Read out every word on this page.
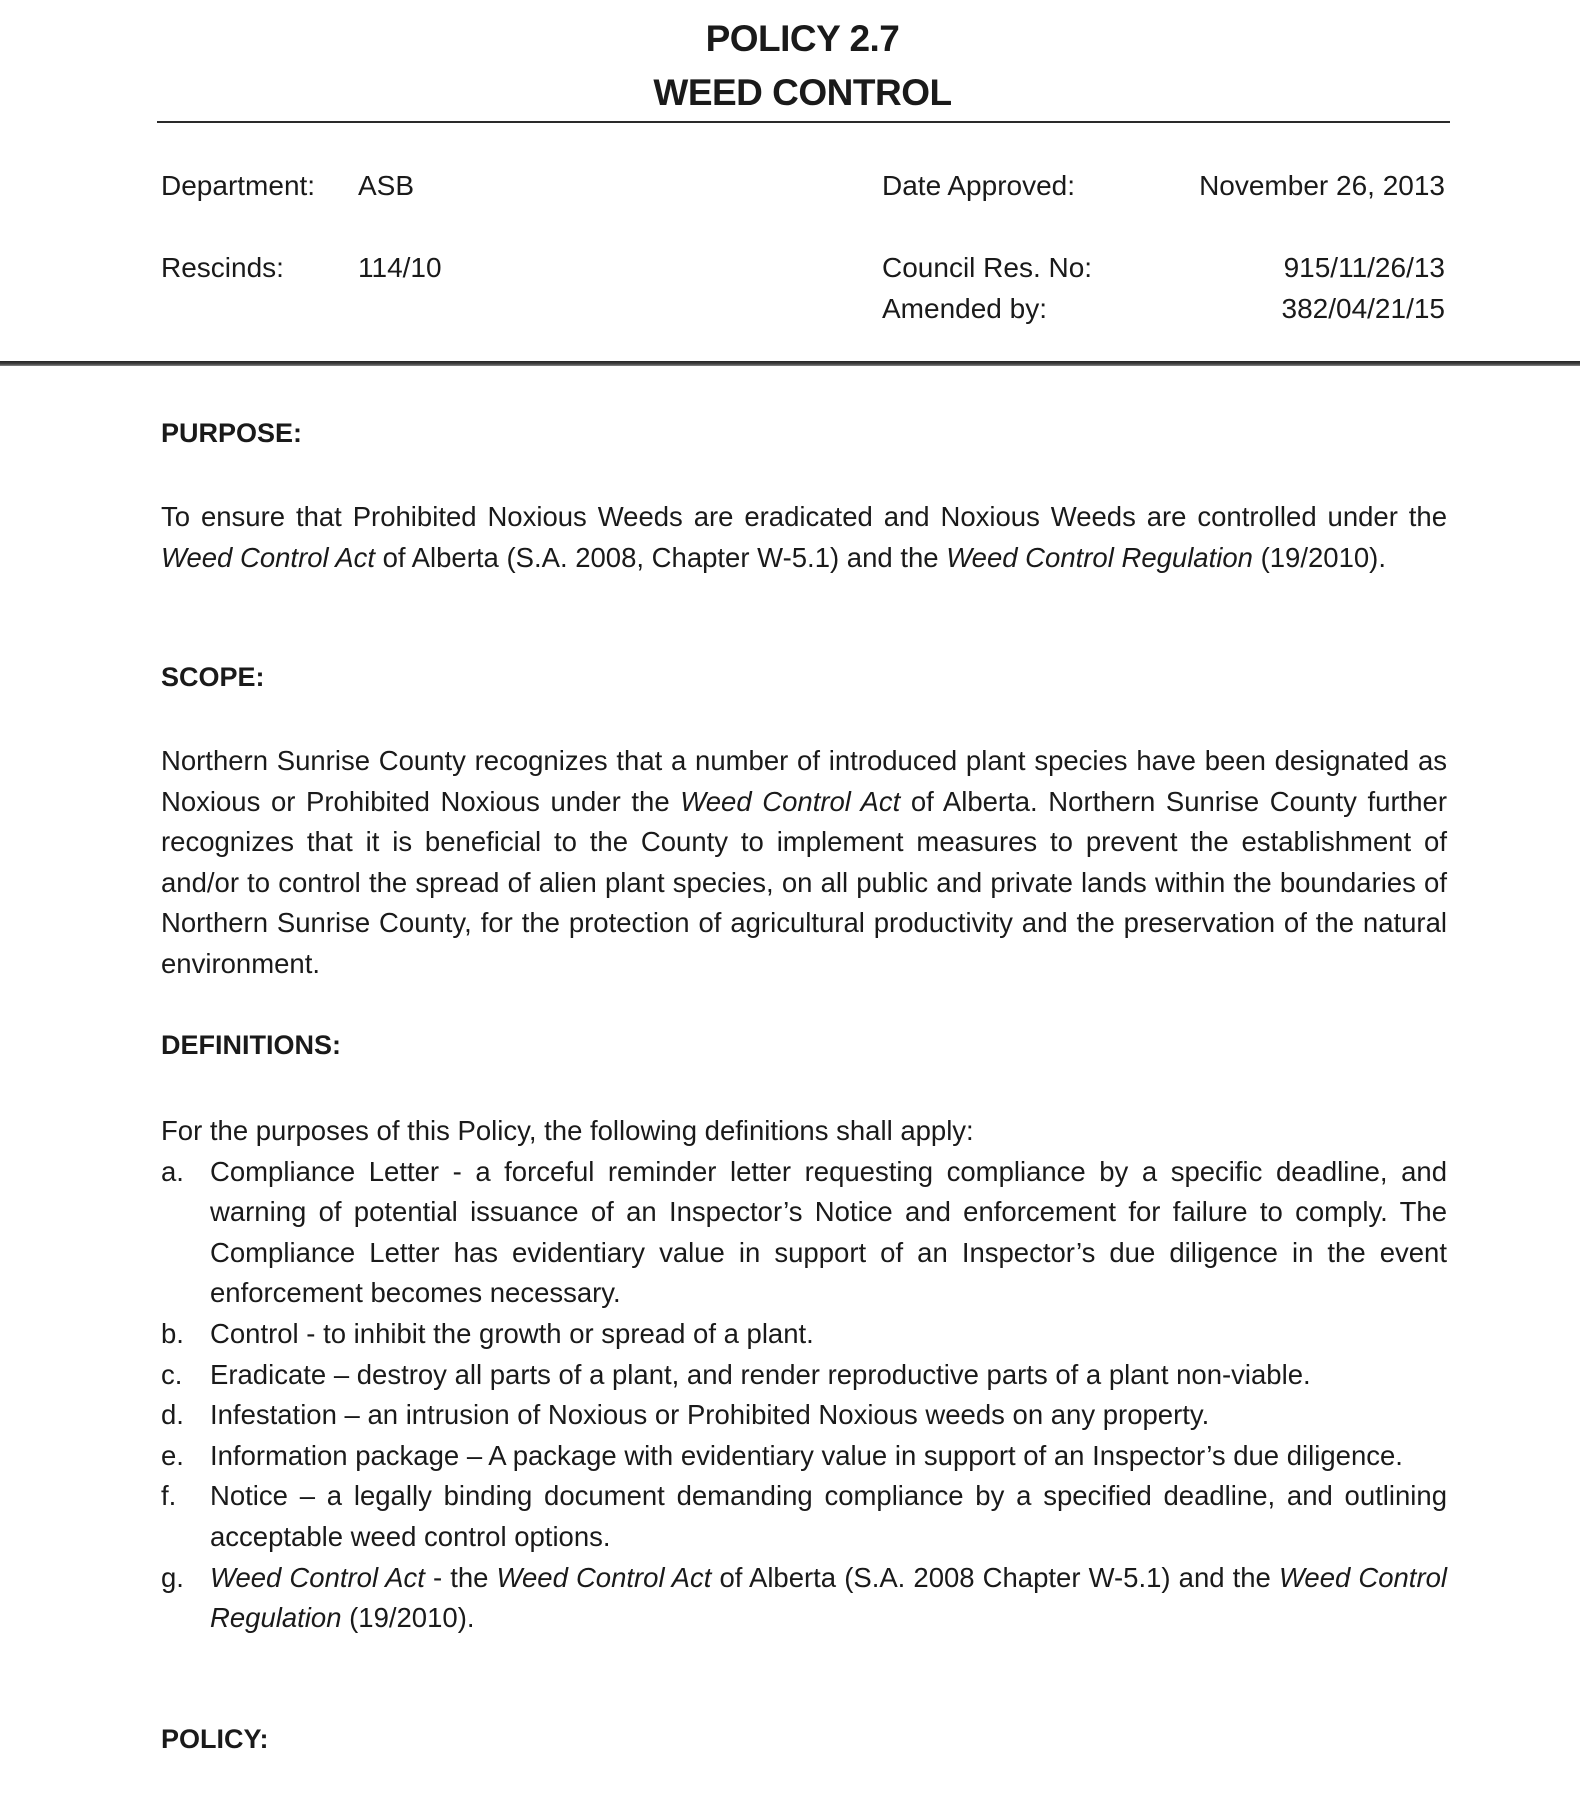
POLICY 2.7
WEED CONTROL
Department: ASB
Rescinds:	114/10
Date Approved:	November 26, 2013
Council Res. No:	915/11/26/13
Amended by:	382/04/21/15
PURPOSE:
To ensure that Prohibited Noxious Weeds are eradicated and Noxious Weeds are controlled under the Weed Control Act of Alberta (S.A. 2008, Chapter W-5.1) and the Weed Control Regulation (19/2010).
SCOPE:
Northern Sunrise County recognizes that a number of introduced plant species have been designated as Noxious or Prohibited Noxious under the Weed Control Act of Alberta. Northern Sunrise County further recognizes that it is beneficial to the County to implement measures to prevent the establishment of and/or to control the spread of alien plant species, on all public and private lands within the boundaries of Northern Sunrise County, for the protection of agricultural productivity and the preservation of the natural environment.
DEFINITIONS:
For the purposes of this Policy, the following definitions shall apply:
a. Compliance Letter - a forceful reminder letter requesting compliance by a specific deadline, and warning of potential issuance of an Inspector’s Notice and enforcement for failure to comply. The Compliance Letter has evidentiary value in support of an Inspector’s due diligence in the event enforcement becomes necessary.
b. Control - to inhibit the growth or spread of a plant.
c.	Eradicate – destroy all parts of a plant, and render reproductive parts of a plant non-viable.
d. Infestation – an intrusion of Noxious or Prohibited Noxious weeds on any property.
e. Information package – A package with evidentiary value in support of an Inspector’s due diligence.
f.	Notice – a legally binding document demanding compliance by a specified deadline, and outlining acceptable weed control options.
g. Weed Control Act - the Weed Control Act of Alberta (S.A. 2008 Chapter W-5.1) and the Weed Control Regulation (19/2010).
POLICY:
